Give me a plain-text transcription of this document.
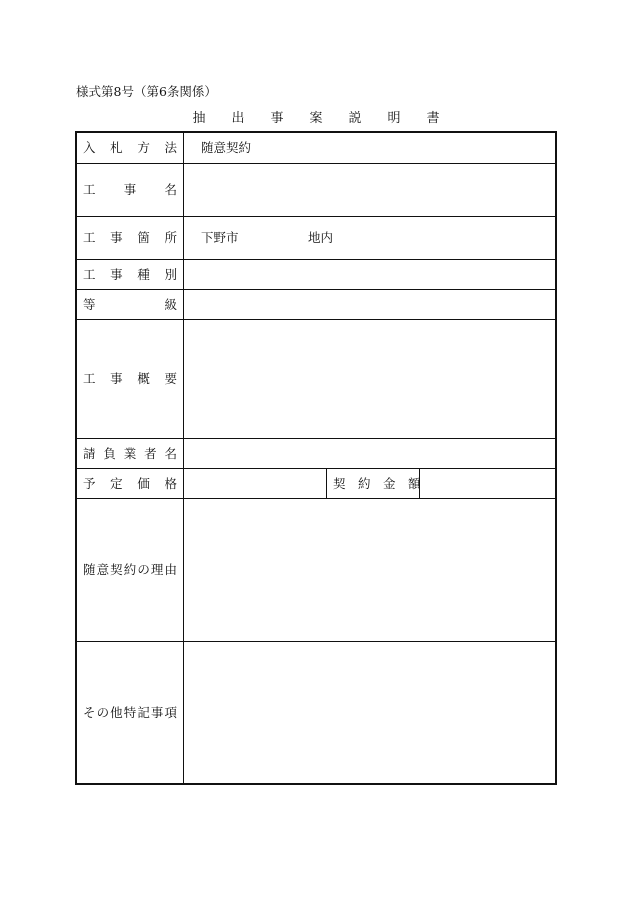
様式第8号（第6条関係）
抽　　出　　事　　案　　説　　明　　書
入　札　方　法 随意契約
工　　事　　名
工　事　箇　所 下野市	地内
工　事　種　別
等　　　　　級
工　事　概　要
請負業者名
予　定　価　格	契　約　金　額
随意契約の理由
その他特記事項
